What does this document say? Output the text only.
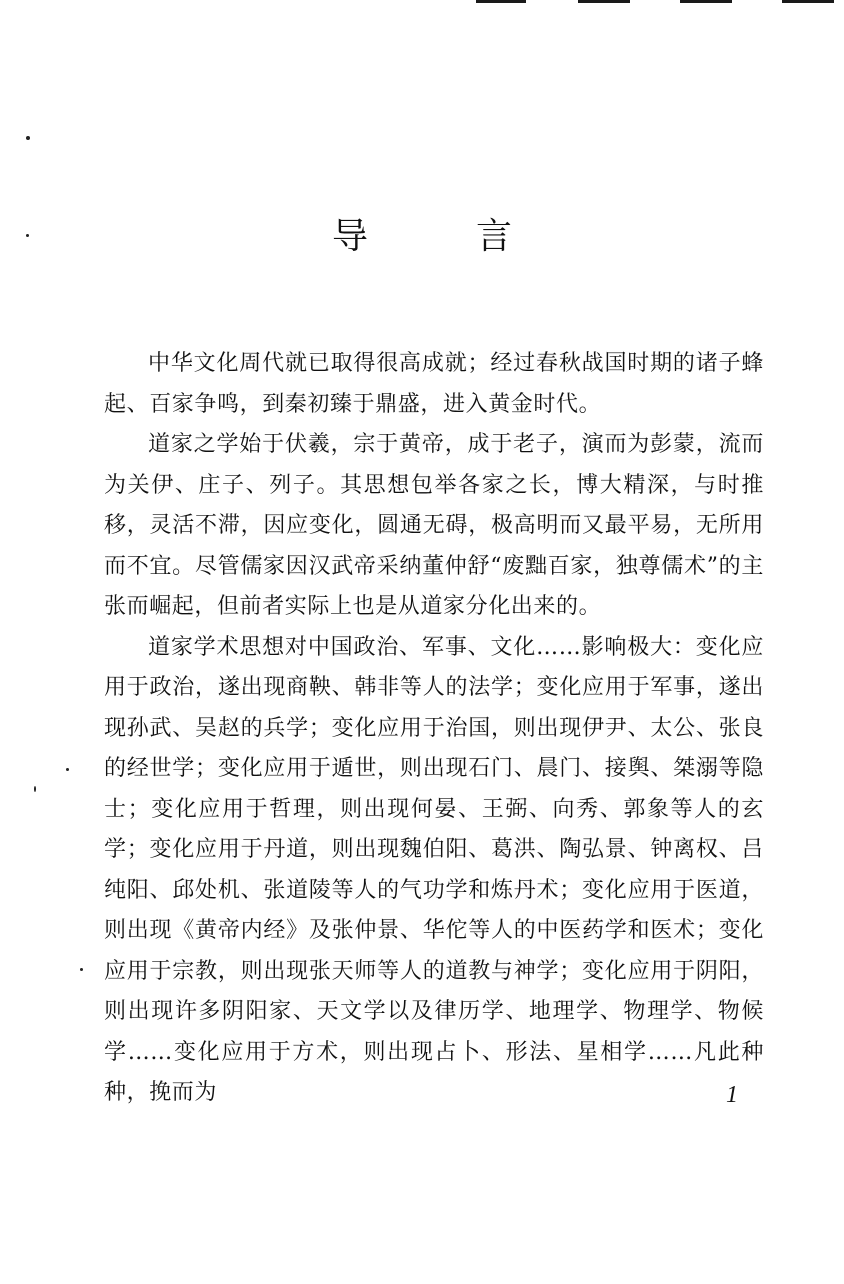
导　言

中华文化周代就已取得很高成就；经过春秋战国时期的诸子蜂起、百家争鸣，到秦初臻于鼎盛，进入黄金时代。

道家之学始于伏羲，宗于黄帝，成于老子，演而为彭蒙，流而为关伊、庄子、列子。其思想包举各家之长，博大精深，与时推移，灵活不滞，因应变化，圆通无碍，极高明而又最平易，无所用而不宜。尽管儒家因汉武帝采纳董仲舒“废黜百家，独尊儒术”的主张而崛起，但前者实际上也是从道家分化出来的。

道家学术思想对中国政治、军事、文化……影响极大：变化应用于政治，遂出现商鞅、韩非等人的法学；变化应用于军事，遂出现孙武、吴赵的兵学；变化应用于治国，则出现伊尹、太公、张良的经世学；变化应用于遁世，则出现石门、晨门、接舆、桀溺等隐士；变化应用于哲理，则出现何晏、王弼、向秀、郭象等人的玄学；变化应用于丹道，则出现魏伯阳、葛洪、陶弘景、钟离权、吕纯阳、邱处机、张道陵等人的气功学和炼丹术；变化应用于医道，则出现《黄帝内经》及张仲景、华佗等人的中医药学和医术；变化应用于宗教，则出现张天师等人的道教与神学；变化应用于阴阳，则出现许多阴阳家、天文学以及律历学、地理学、物理学、物候学……变化应用于方术，则出现占卜、形法、星相学……凡此种种，挽而为	1
